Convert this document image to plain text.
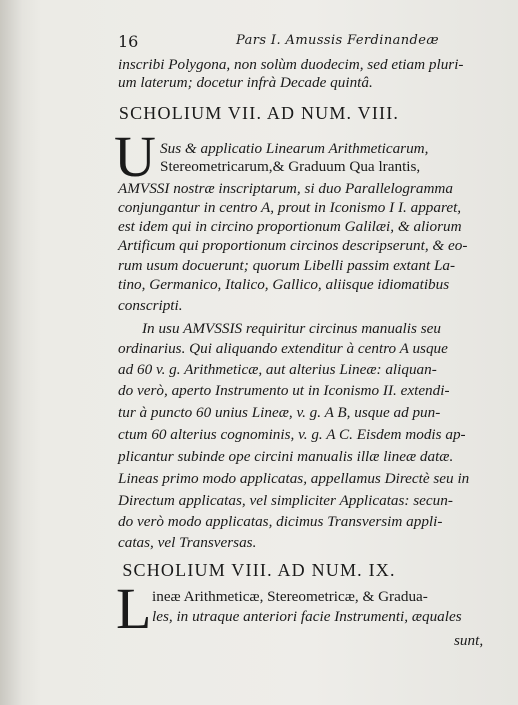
16	Pars I. Amussis Ferdinandeæ
inscribi Polygona, non solùm duodecim, sed etiam pluri-
um laterum; docetur infrà Decade quintâ.
SCHOLIUM VII. AD NUM. VIII.
U Sus & applicatio Linearum Arithmeticarum,
Stereometricarum,& Graduum Qua lrantis,
AMVSSI nostræ inscriptarum, si duo Parallelogramma
conjungantur in centro A, prout in Iconismo I I. apparet,
est idem qui in circino proportionum Galilæi, & aliorum
Artificum qui proportionum circinos descripserunt, & eo-
rum usum docuerunt; quorum Libelli passim extant La-
tino, Germanico, Italico, Gallico, aliisque idiomatibus
conscripti.
In usu AMVSSIS requiritur circinus manualis seu
ordinarius. Qui aliquando extenditur à centro A usque
ad 60 v. g. Arithmeticæ, aut alterius Lineæ: aliquan-
do verò, aperto Instrumento ut in Iconismo II. extendi-
tur à puncto 60 unius Lineæ, v. g. A B, usque ad pun-
ctum 60 alterius cognominis, v. g. A C. Eisdem modis ap-
plicantur subinde ope circini manualis illæ lineæ datæ.
Lineas primo modo applicatas, appellamus Directè seu in
Directum applicatas, vel simpliciter Applicatas: secun-
do verò modo applicatas, dicimus Transversim appli-
catas, vel Transversas.
SCHOLIUM VIII. AD NUM. IX.
L ineæ Arithmeticæ, Stereometricæ, & Gradua-
les, in utraque anteriori facie Instrumenti, æquales
sunt,
